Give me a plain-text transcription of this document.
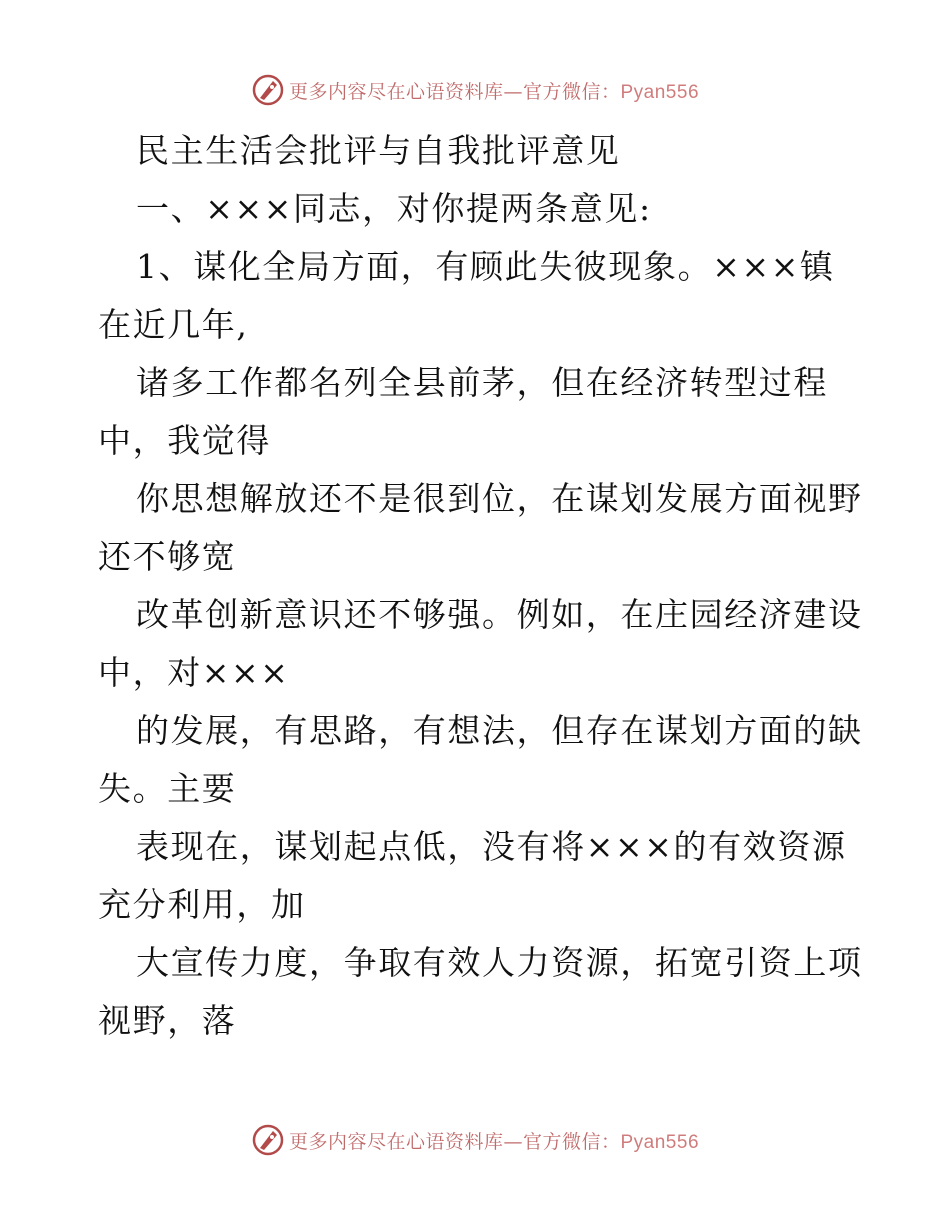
更多内容尽在心语资料库—官方微信：Pyan556
民主生活会批评与自我批评意见
一、×××同志，对你提两条意见:
1、谋化全局方面，有顾此失彼现象。×××镇
在近几年,
诸多工作都名列全县前茅，但在经济转型过程
中，我觉得
你思想解放还不是很到位，在谋划发展方面视野
还不够宽
改革创新意识还不够强。例如，在庄园经济建设
中，对×××
的发展，有思路，有想法，但存在谋划方面的缺
失。主要
表现在，谋划起点低，没有将×××的有效资源
充分利用，加
大宣传力度，争取有效人力资源，拓宽引资上项
视野，落
更多内容尽在心语资料库—官方微信：Pyan556
